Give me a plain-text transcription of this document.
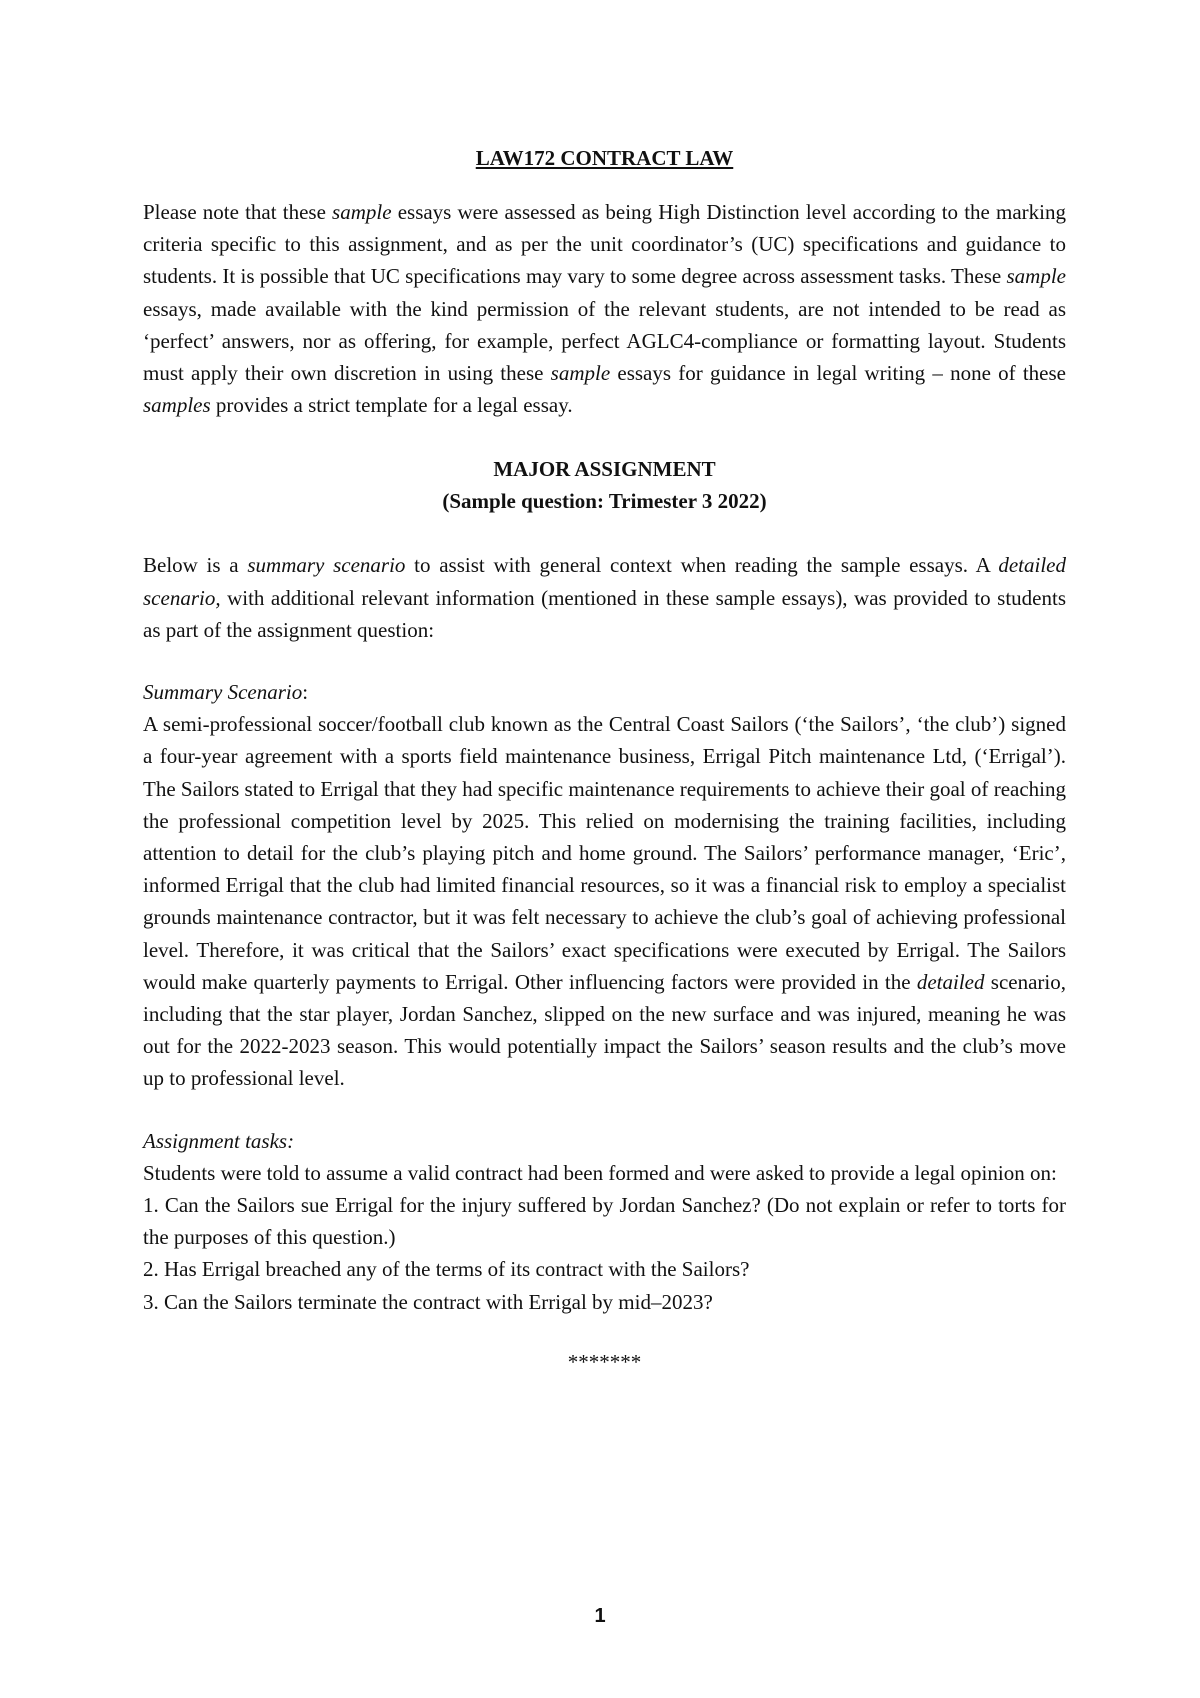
LAW172 CONTRACT LAW

Please note that these sample essays were assessed as being High Distinction level according to the marking criteria specific to this assignment, and as per the unit coordinator’s (UC) specifications and guidance to students. It is possible that UC specifications may vary to some degree across assessment tasks. These sample essays, made available with the kind permission of the relevant students, are not intended to be read as ‘perfect’ answers, nor as offering, for example, perfect AGLC4-compliance or formatting layout. Students must apply their own discretion in using these sample essays for guidance in legal writing – none of these samples provides a strict template for a legal essay.

MAJOR ASSIGNMENT
(Sample question: Trimester 3 2022)

Below is a summary scenario to assist with general context when reading the sample essays. A detailed scenario, with additional relevant information (mentioned in these sample essays), was provided to students as part of the assignment question:

Summary Scenario:

A semi-professional soccer/football club known as the Central Coast Sailors (‘the Sailors’, ‘the club’) signed a four-year agreement with a sports field maintenance business, Errigal Pitch maintenance Ltd, (‘Errigal’). The Sailors stated to Errigal that they had specific maintenance requirements to achieve their goal of reaching the professional competition level by 2025. This relied on modernising the training facilities, including attention to detail for the club’s playing pitch and home ground. The Sailors’ performance manager, ‘Eric’, informed Errigal that the club had limited financial resources, so it was a financial risk to employ a specialist grounds maintenance contractor, but it was felt necessary to achieve the club’s goal of achieving professional level. Therefore, it was critical that the Sailors’ exact specifications were executed by Errigal. The Sailors would make quarterly payments to Errigal. Other influencing factors were provided in the detailed scenario, including that the star player, Jordan Sanchez, slipped on the new surface and was injured, meaning he was out for the 2022-2023 season. This would potentially impact the Sailors’ season results and the club’s move up to professional level.

Assignment tasks:

Students were told to assume a valid contract had been formed and were asked to provide a legal opinion on:

1. Can the Sailors sue Errigal for the injury suffered by Jordan Sanchez? (Do not explain or refer to torts for the purposes of this question.)

2. Has Errigal breached any of the terms of its contract with the Sailors?

3. Can the Sailors terminate the contract with Errigal by mid–2023?

*******
1
